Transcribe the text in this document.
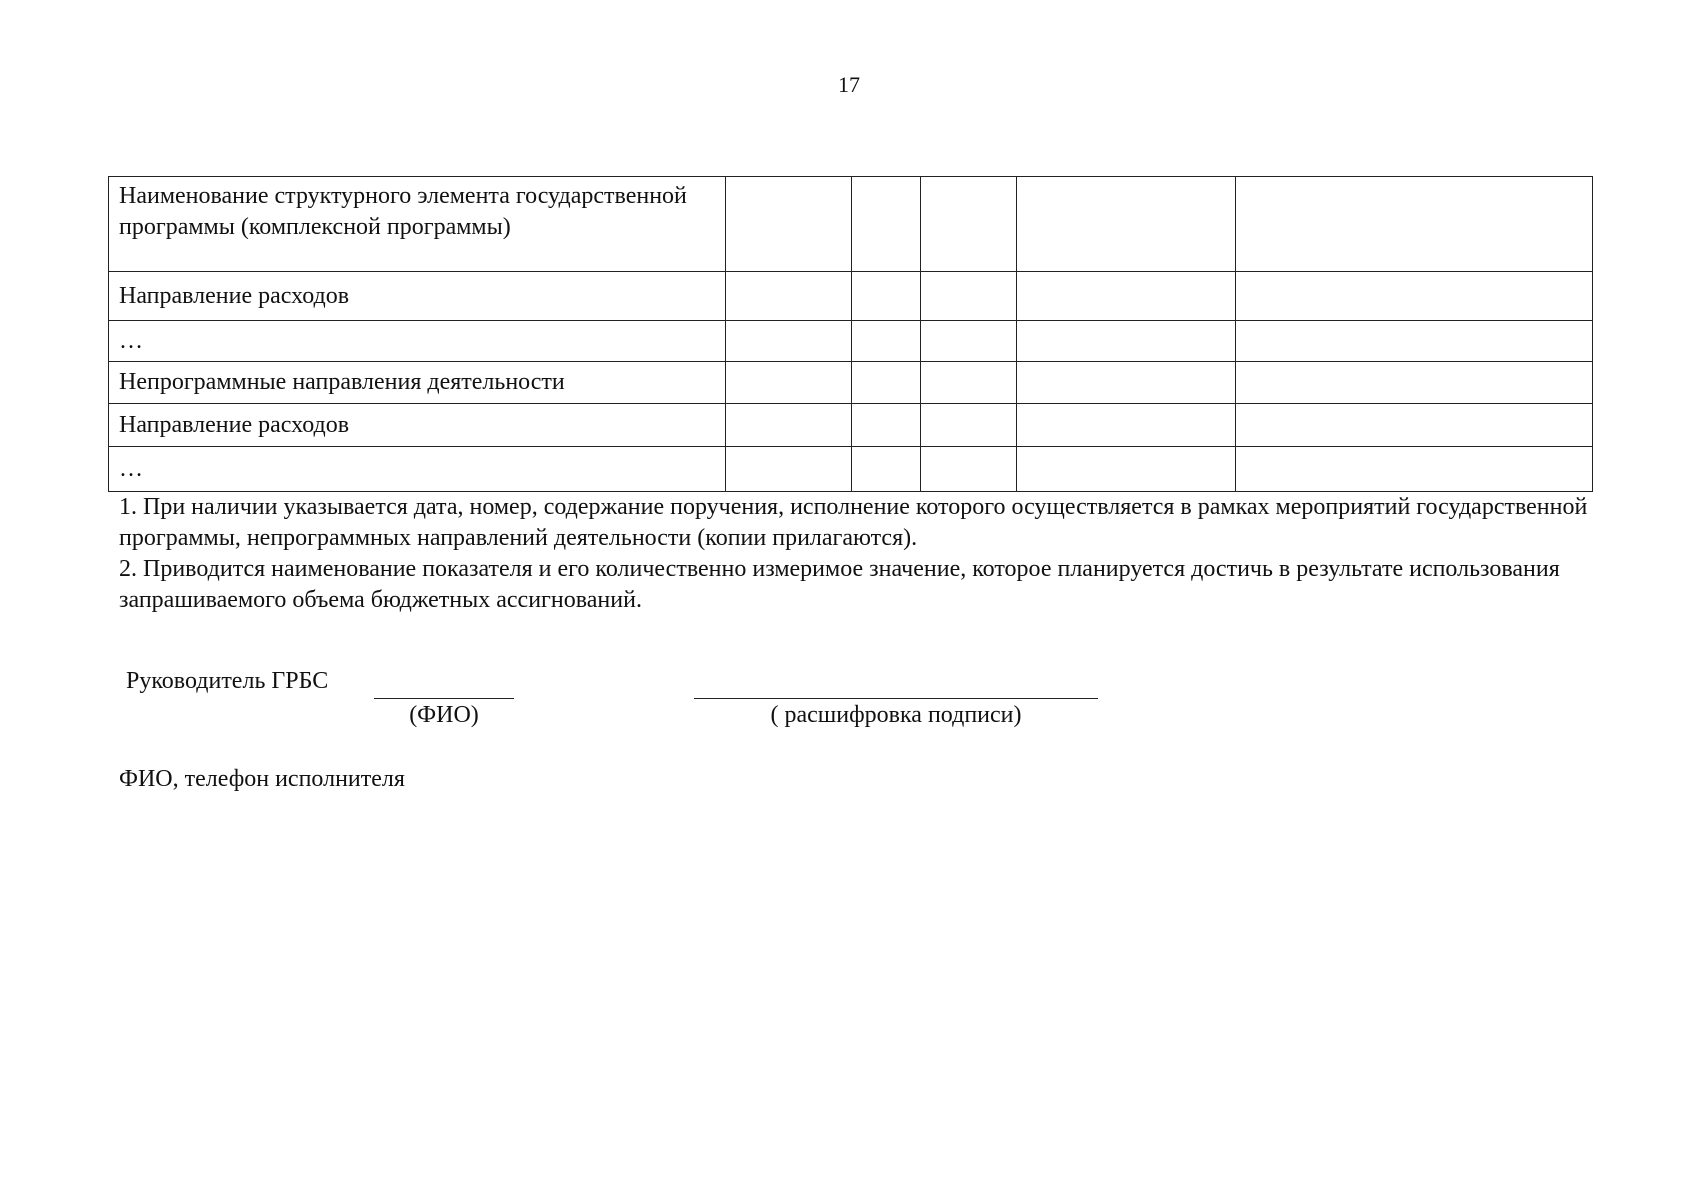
17
Наименование структурного элемента государственной программы (комплексной программы)					
Направление расходов					
…					
Непрограммные направления деятельности					
Направление расходов					
…					

1. При наличии указывается дата, номер, содержание поручения, исполнение которого осуществляется в рамках мероприятий государственной программы, непрограммных направлений деятельности (копии прилагаются).

2. Приводится наименование показателя и его количественно измеримое значение, которое планируется достичь в результате использования запрашиваемого объема бюджетных ассигнований.

Руководитель ГРБС
(ФИО)	( расшифровка подписи)
ФИО, телефон исполнителя
